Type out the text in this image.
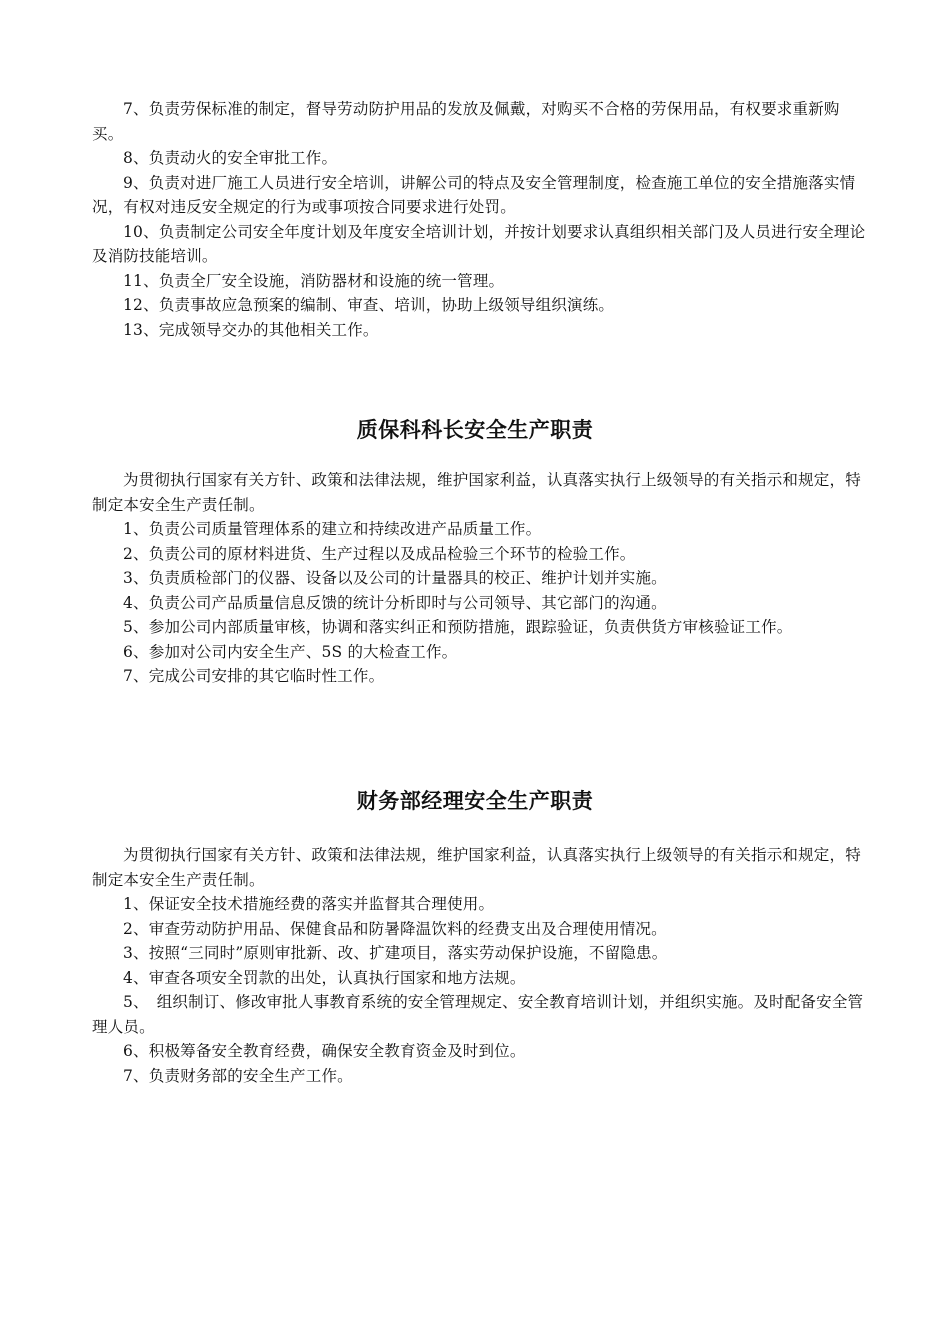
7、负责劳保标准的制定，督导劳动防护用品的发放及佩戴，对购买不合格的劳保用品，有权要求重新购买。

8、负责动火的安全审批工作。

9、负责对进厂施工人员进行安全培训，讲解公司的特点及安全管理制度，检查施工单位的安全措施落实情况，有权对违反安全规定的行为或事项按合同要求进行处罚。

10、负责制定公司安全年度计划及年度安全培训计划，并按计划要求认真组织相关部门及人员进行安全理论及消防技能培训。

11、负责全厂安全设施，消防器材和设施的统一管理。

12、负责事故应急预案的编制、审查、培训，协助上级领导组织演练。

13、完成领导交办的其他相关工作。

质保科科长安全生产职责

为贯彻执行国家有关方针、政策和法律法规，维护国家利益，认真落实执行上级领导的有关指示和规定，特制定本安全生产责任制。

1、负责公司质量管理体系的建立和持续改进产品质量工作。

2、负责公司的原材料进货、生产过程以及成品检验三个环节的检验工作。

3、负责质检部门的仪器、设备以及公司的计量器具的校正、维护计划并实施。

4、负责公司产品质量信息反馈的统计分析即时与公司领导、其它部门的沟通。

5、参加公司内部质量审核，协调和落实纠正和预防措施，跟踪验证，负责供货方审核验证工作。

6、参加对公司内安全生产、5S 的大检查工作。

7、完成公司安排的其它临时性工作。

财务部经理安全生产职责

为贯彻执行国家有关方针、政策和法律法规，维护国家利益，认真落实执行上级领导的有关指示和规定，特制定本安全生产责任制。

1、保证安全技术措施经费的落实并监督其合理使用。

2、审查劳动防护用品、保健食品和防暑降温饮料的经费支出及合理使用情况。

3、按照“三同时”原则审批新、改、扩建项目，落实劳动保护设施，不留隐患。

4、审查各项安全罚款的出处，认真执行国家和地方法规。

5、　组织制订、修改审批人事教育系统的安全管理规定、安全教育培训计划，并组织实施。及时配备安全管理人员。

6、积极筹备安全教育经费，确保安全教育资金及时到位。

7、负责财务部的安全生产工作。
